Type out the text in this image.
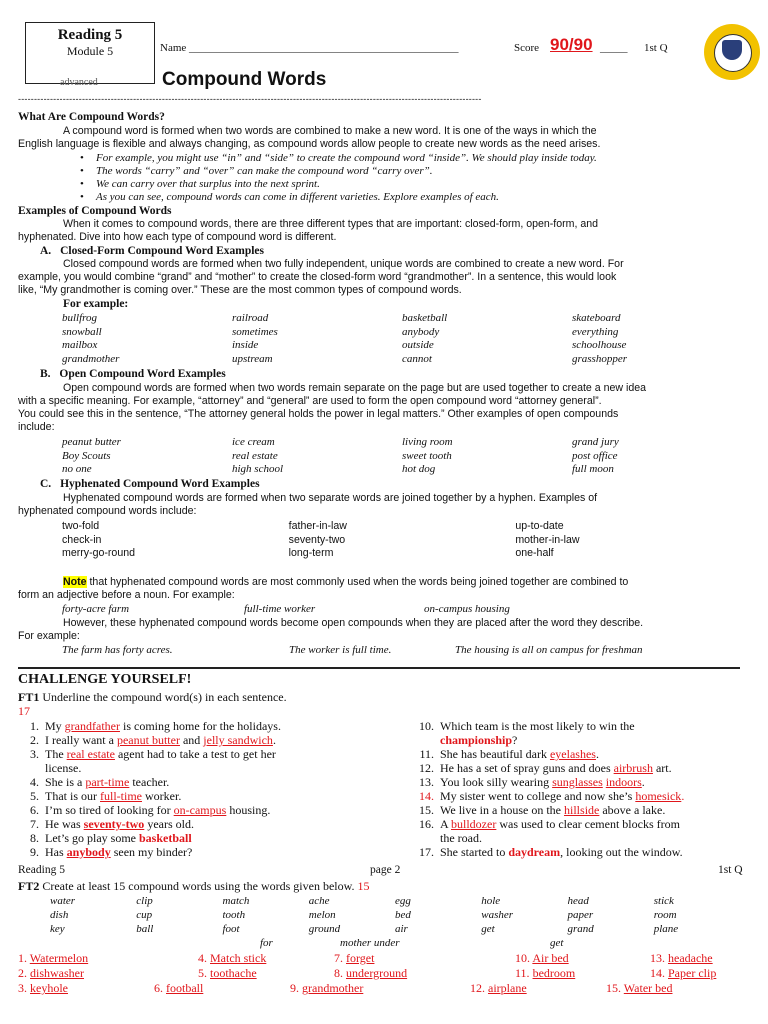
Reading 5
Module 5	Name _________________________________________________	Score 90/90 _____ 1st Q
advanced	Compound Words
-------------------------------------------------------------------------------------------------------------------------------------------------
What Are Compound Words?
A compound word is formed when two words are combined to make a new word. It is one of the ways in which the
English language is flexible and always changing, as compound words allow people to create new words as the need arises.
• For example, you might use “in” and “side” to create the compound word “inside”. We should play inside today.
• The words “carry” and “over” can make the compound word “carry over”.
• We can carry over that surplus into the next sprint.
• As you can see, compound words can come in different varieties. Explore examples of each.
Examples of Compound Words
When it comes to compound words, there are three different types that are important: closed-form, open-form, and
hyphenated. Dive into how each type of compound word is different.
A. Closed-Form Compound Word Examples
Closed compound words are formed when two fully independent, unique words are combined to create a new word. For
example, you would combine “grand” and “mother” to create the closed-form word “grandmother”. In a sentence, this would look
like, “My grandmother is coming over.” These are the most common types of compound words.
For example:
bullfrog	railroad	basketball	skateboard
snowball	sometimes	anybody	everything
mailbox	inside	outside	schoolhouse
grandmother	upstream	cannot	grasshopper
B. Open Compound Word Examples
Open compound words are formed when two words remain separate on the page but are used together to create a new idea
with a specific meaning. For example, “attorney” and “general” are used to form the open compound word “attorney general”.
You could see this in the sentence, “The attorney general holds the power in legal matters.” Other examples of open compounds
include:
peanut butter	ice cream	living room	grand jury
Boy Scouts	real estate	sweet tooth	post office
no one	high school	hot dog	full moon
C. Hyphenated Compound Word Examples
Hyphenated compound words are formed when two separate words are joined together by a hyphen. Examples of
hyphenated compound words include:
two-fold	father-in-law	up-to-date
check-in	seventy-two	mother-in-law
merry-go-round	long-term	one-half
Note that hyphenated compound words are most commonly used when the words being joined together are combined to
form an adjective before a noun. For example:
forty-acre farm	full-time worker	on-campus housing
However, these hyphenated compound words become open compounds when they are placed after the word they describe.
For example:
The farm has forty acres.	The worker is full time.	The housing is all on campus for freshman
CHALLENGE YOURSELF!
FT1 Underline the compound word(s) in each sentence.
17
1. My grandfather is coming home for the holidays.
2. I really want a peanut butter and jelly sandwich.
3. The real estate agent had to take a test to get her
license.
4. She is a part-time teacher.
5. That is our full-time worker.
6. I’m so tired of looking for on-campus housing.
7. He was seventy-two years old.
8. Let’s go play some basketball
9. Has anybody seen my binder?
10. Which team is the most likely to win the
championship?
11. She has beautiful dark eyelashes.
12. He has a set of spray guns and does airbrush art.
13. You look silly wearing sunglasses indoors.
14. My sister went to college and now she’s homesick.
15. We live in a house on the hillside above a lake.
16. A bulldozer was used to clear cement blocks from
the road.
17. She started to daydream, looking out the window.
Reading 5	page 2	1st Q
FT2 Create at least 15 compound words using the words given below. 15
water	clip	match	ache	egg	hole	head	stick
dish	cup	tooth	melon	bed	washer	paper	room
key	ball	foot	ground	air	get	grand	plane
for	mother under	get
1. Watermelon	4. Match stick	7. forget	10. Air bed	13. headache
2. dishwasher	5. toothache	8. underground	11. bedroom	14. Paper clip
3. keyhole	6. football	9. grandmother	12. airplane	15. Water bed
